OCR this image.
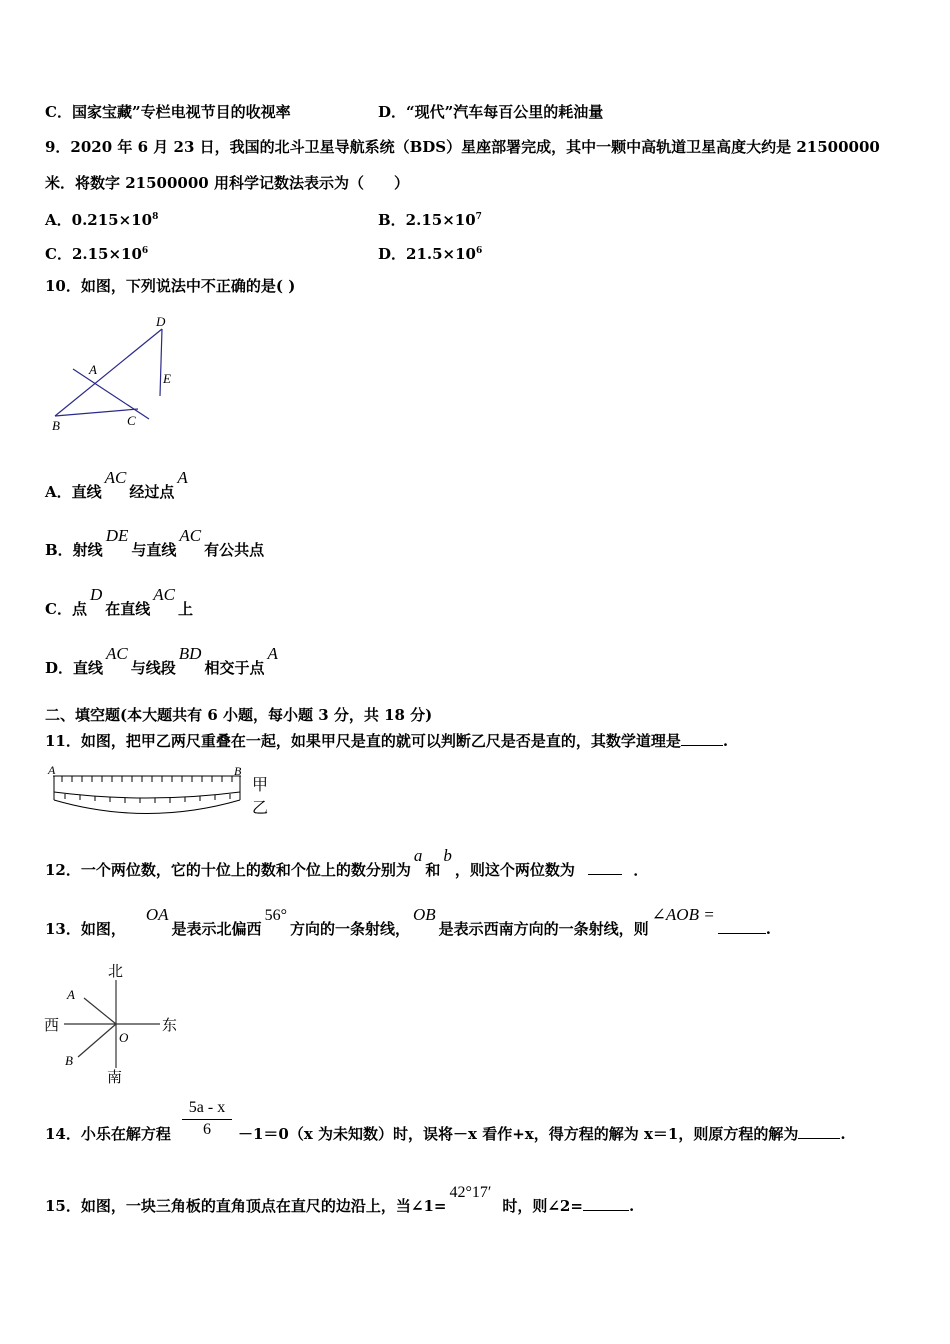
C．国家宝藏”专栏电视节目的收视率	D．“现代”汽车每百公里的耗油量
9．2020 年 6 月 23 日，我国的北斗卫星导航系统（BDS）星座部署完成，其中一颗中高轨道卫星高度大约是 21500000
米．将数字 21500000 用科学记数法表示为（　　）
A．$0.215\times 10^8$	B．$2.15\times 10^7$
C．$2.15\times 10^6$	D．$21.5\times 10^6$
10．如图，下列说法中不正确的是( )
D
A
E
B	C
A．直线AC经过点A
B．射线DE与直线AC有公共点
C．点D在直线AC上
D．直线AC与线段BD相交于点A
二、填空题(本大题共有 6 小题，每小题 3 分，共 18 分)
11．如图，把甲乙两尺重叠在一起，如果甲尺是直的就可以判断乙尺是否是直的，其数学道理是	.
A	B
甲
乙
12．一个两位数，它的十位上的数和个位上的数分别为a和b，则这个两位数为	．
13．如图，OA是表示北偏西56°方向的一条射线，OB是表示西南方向的一条射线，则∠AOB =.
北
南
西	东
A
B
O
5a - x
6
14．小乐在解方程	－1＝0（x 为未知数）时，误将－x 看作+x，得方程的解为 x＝1，则原方程的解为	.
15．如图，一块三角板的直角顶点在直尺的边沿上，当∠1=42°17′时，则∠2=	.
